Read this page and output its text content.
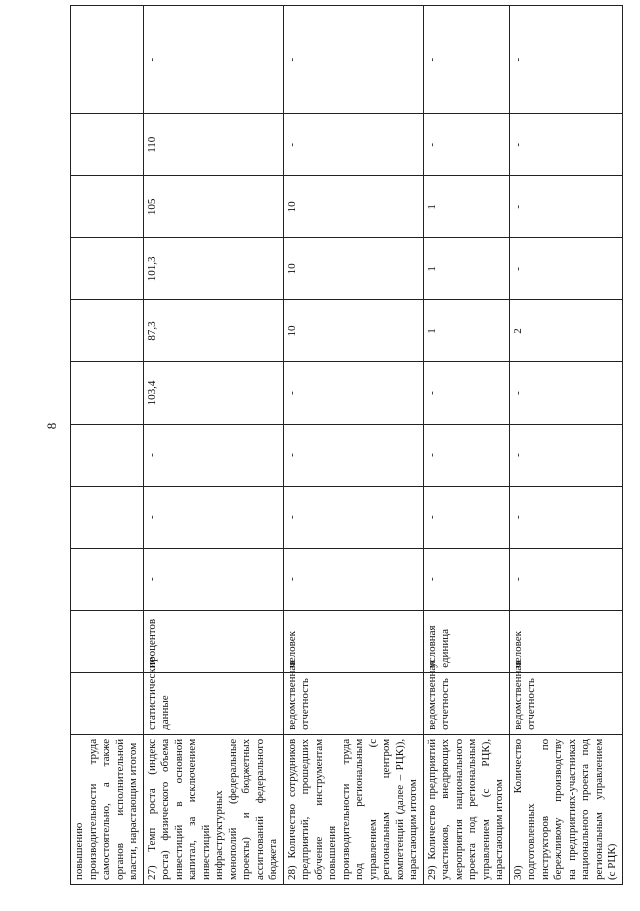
8
повышению производительности труда самостоятельно, а также органов исполнительной власти, нарастающим итогом											
27) Темп роста (индекс роста) физического объема инвестиций в основной капитал, за исключением инвестиций инфраструктурных монополий (федеральные проекты) и бюджетных ассигнований федерального бюджета	статистические данные	процентов	-	-	-	103,4	87,3	101,3	105	110	-
28) Количество сотрудников предприятий, прошедших обучение инструментам повышения производительности труда под региональным управлением (с региональным центром компетенций (далее – РЦК)), нарастающим итогом	ведомственная отчетность	человек	-	-	-	-	10	10	10	-	-
29) Количество предприятий участников, внедряющих мероприятия национального проекта под региональным управлением (с РЦК), нарастающим итогом	ведомственная отчетность	условная единица	-	-	-	-	1	1	1	-	-
30) Количество подготовленных инструкторов по бережливому производству на предприятиях-участниках национального проекта под региональным управлением (с РЦК)	ведомственная отчетность	человек	-	-	-	-	2	-	-	-	-
